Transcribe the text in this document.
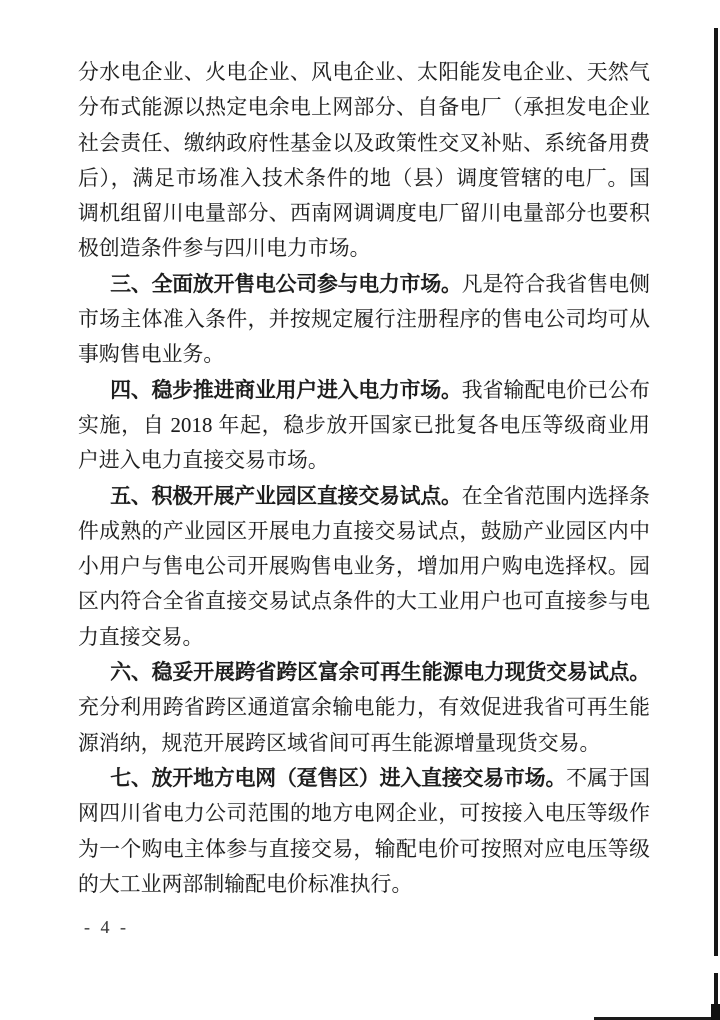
分水电企业、火电企业、风电企业、太阳能发电企业、天然气分布式能源以热定电余电上网部分、自备电厂（承担发电企业社会责任、缴纳政府性基金以及政策性交叉补贴、系统备用费后），满足市场准入技术条件的地（县）调度管辖的电厂。国调机组留川电量部分、西南网调调度电厂留川电量部分也要积极创造条件参与四川电力市场。

三、全面放开售电公司参与电力市场。凡是符合我省售电侧市场主体准入条件，并按规定履行注册程序的售电公司均可从事购售电业务。

四、稳步推进商业用户进入电力市场。我省输配电价已公布实施，自 2018 年起，稳步放开国家已批复各电压等级商业用户进入电力直接交易市场。

五、积极开展产业园区直接交易试点。在全省范围内选择条件成熟的产业园区开展电力直接交易试点，鼓励产业园区内中小用户与售电公司开展购售电业务，增加用户购电选择权。园区内符合全省直接交易试点条件的大工业用户也可直接参与电力直接交易。

六、稳妥开展跨省跨区富余可再生能源电力现货交易试点。充分利用跨省跨区通道富余输电能力，有效促进我省可再生能源消纳，规范开展跨区域省间可再生能源增量现货交易。

七、放开地方电网（趸售区）进入直接交易市场。不属于国网四川省电力公司范围的地方电网企业，可按接入电压等级作为一个购电主体参与直接交易，输配电价可按照对应电压等级的大工业两部制输配电价标准执行。

- 4 -
